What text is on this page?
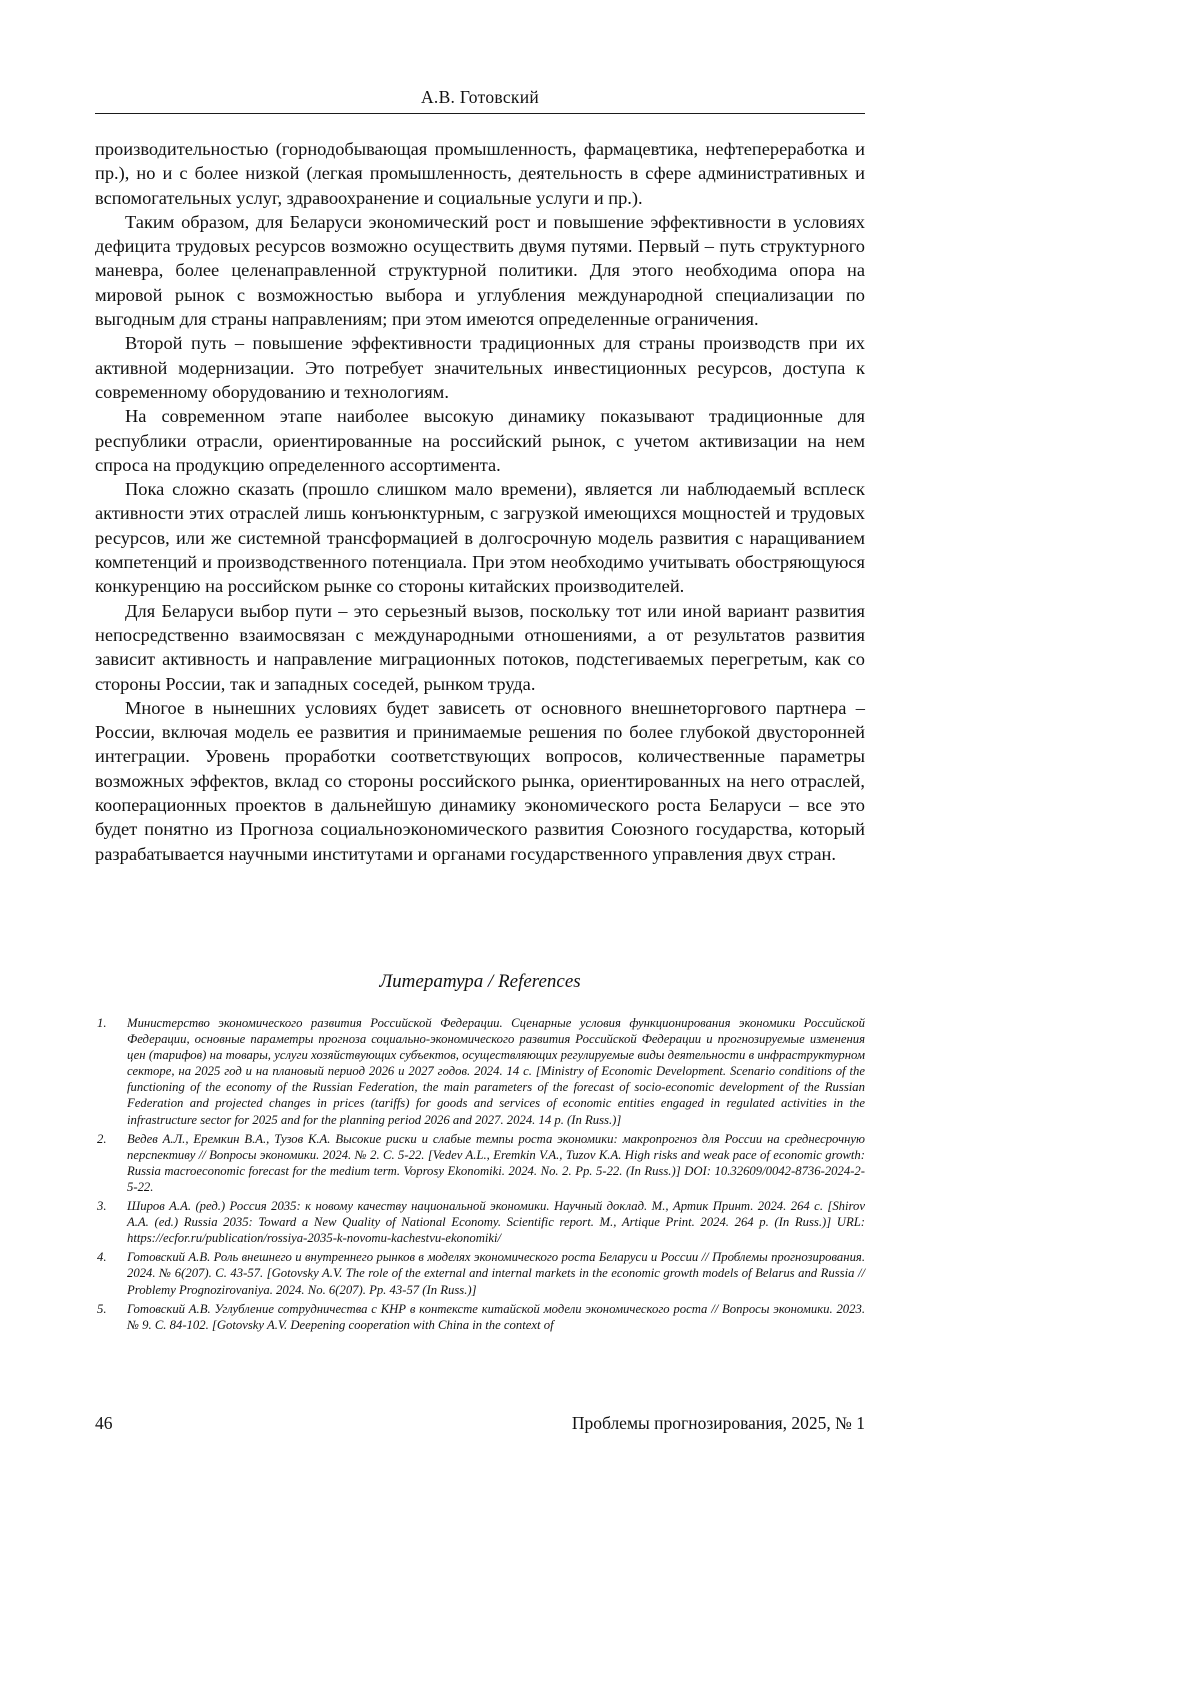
А.В. Готовский

производительностью (горнодобывающая промышленность, фармацевтика, нефтепере­работка и пр.), но и с более низкой (легкая промышленность, деятельность в сфере адми­нистративных и вспомогательных услуг, здравоохранение и социальные услуги и пр.).

Таким образом, для Беларуси экономический рост и повышение эффективности в условиях дефицита трудовых ресурсов возможно осуществить двумя путями. Пер­вый – путь структурного маневра, более целенаправленной структурной политики. Для этого необходима опора на мировой рынок с возможностью выбора и углубле­ния международной специализации по выгодным для страны направлениям; при этом имеются определенные ограничения.

Второй путь – повышение эффективности традиционных для страны произ­водств при их активной модернизации. Это потребует значительных инвестицион­ных ресурсов, доступа к современному оборудованию и технологиям.

На современном этапе наиболее высокую динамику показывают традиционные для республики отрасли, ориентированные на российский рынок, с учетом активи­зации на нем спроса на продукцию определенного ассортимента.

Пока сложно сказать (прошло слишком мало времени), является ли наблюдаемый всплеск активности этих отраслей лишь конъюнктурным, с загрузкой имеющихся мощностей и трудовых ресурсов, или же системной трансформацией в долгосроч­ную модель развития с наращиванием компетенций и производственного потенци­ала. При этом необходимо учитывать обостряющуюся конкуренцию на российском рынке со стороны китайских производителей.

Для Беларуси выбор пути – это серьезный вызов, поскольку тот или иной вариант развития непосредственно взаимосвязан с международными отношениями, а от резуль­татов развития зависит активность и направление миграционных потоков, подстегива­емых перегретым, как со стороны России, так и западных соседей, рынком труда.

Многое в нынешних условиях будет зависеть от основного внешнеторгового парт­нера – России, включая модель ее развития и принимаемые решения по более глубо­кой двусторонней интеграции. Уровень проработки соответствующих вопросов, ко­личественные параметры возможных эффектов, вклад со стороны российского рынка, ориентированных на него отраслей, кооперационных проектов в дальнейшую дина­мику экономического роста Беларуси – все это будет понятно из Прогноза социально­экономического развития Союзного государства, который разрабатывается научными институтами и органами государственного управления двух стран.

Литература / References
1. Министерство экономического развития Российской Федерации. Сценарные условия функционирования эко­номики Российской Федерации, основные параметры прогноза социально-экономического развития Россий­ской Федерации и прогнозируемые изменения цен (тарифов) на товары, услуги хозяйствующих субъектов, осу­ществляющих регулируемые виды деятельности в инфраструктурном секторе, на 2025 год и на плановый пе­риод 2026 и 2027 годов. 2024. 14 с. [Ministry of Economic Development. Scenario conditions of the functioning of the economy of the Russian Federation, the main parameters of the forecast of socio-economic development of the Russian Federation and projected changes in prices (tariffs) for goods and services of economic entities engaged in regulated activities in the infrastructure sector for 2025 and for the planning period 2026 and 2027. 2024. 14 p. (In Russ.)]
2. Ведев А.Л., Еремкин В.А., Тузов К.А. Высокие риски и слабые темпы роста экономики: макропрогноз для России на среднесрочную перспективу // Вопросы экономики. 2024. № 2. С. 5-22. [Vedev A.L., Eremkin V.A., Tuzov K.A. High risks and weak pace of economic growth: Russia macroeconomic forecast for the medium term. Voprosy Ekonomiki. 2024. No. 2. Pp. 5-22. (In Russ.)] DOI: 10.32609/0042-8736-2024-2-5-22.
3. Широв А.А. (ред.) Россия 2035: к новому качеству национальной экономики. Научный доклад. М., Артик Принт. 2024. 264 с. [Shirov A.A. (ed.) Russia 2035: Toward a New Quality of National Economy. Scientific report. M., Artique Print. 2024. 264 p. (In Russ.)] URL: https://ecfor.ru/publication/rossiya-2035-k-novomu-kachestvu-ekonomiki/
4. Готовский А.В. Роль внешнего и внутреннего рынков в моделях экономического роста Беларуси и России // Про­блемы прогнозирования. 2024. № 6(207). С. 43-57. [Gotovsky A.V. The role of the external and internal markets in the economic growth models of Belarus and Russia // Problemy Prognozirovaniya. 2024. No. 6(207). Pp. 43-57 (In Russ.)]
5. Готовский А.В. Углубление сотрудничества с КНР в контексте китайской модели экономического роста // Вопросы экономики. 2023. № 9. С. 84-102. [Gotovsky A.V. Deepening cooperation with China in the context of
46	Проблемы прогнозирования, 2025, № 1
